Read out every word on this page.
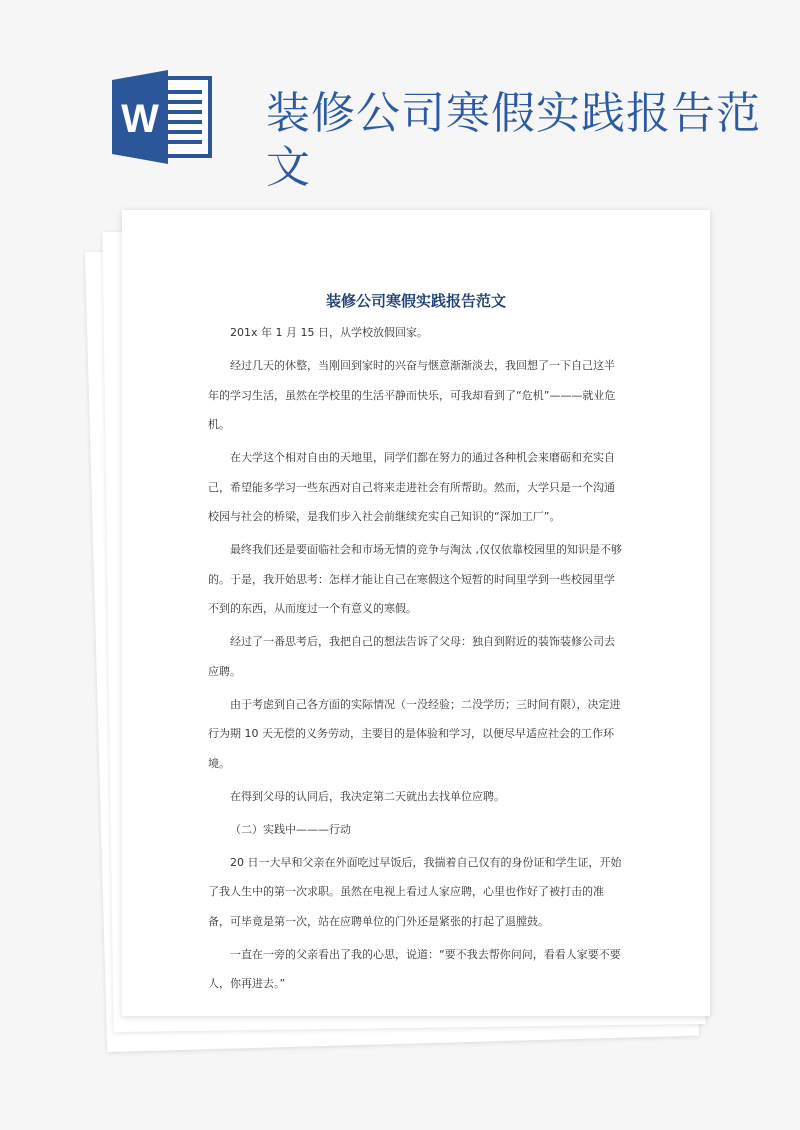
W 装修公司寒假实践报告范文
装修公司寒假实践报告范文

201x 年 1 月 15 日，从学校放假回家。

经过几天的休整，当刚回到家时的兴奋与惬意渐渐淡去，我回想了一下自己这半年的学习生活，虽然在学校里的生活平静而快乐，可我却看到了“危机”———就业危机。

在大学这个相对自由的天地里，同学们都在努力的通过各种机会来磨砺和充实自己，希望能多学习一些东西对自己将来走进社会有所帮助。然而，大学只是一个沟通校园与社会的桥梁，是我们步入社会前继续充实自己知识的“深加工厂”。

最终我们还是要面临社会和市场无情的竞争与淘汰 ,仅仅依靠校园里的知识是不够的。于是，我开始思考：怎样才能让自己在寒假这个短暂的时间里学到一些校园里学不到的东西，从而度过一个有意义的寒假。

经过了一番思考后，我把自己的想法告诉了父母：独自到附近的装饰装修公司去应聘。

由于考虑到自己各方面的实际情况（一没经验；二没学历；三时间有限），决定进行为期 10 天无偿的义务劳动，主要目的是体验和学习，以便尽早适应社会的工作环境。

在得到父母的认同后，我决定第二天就出去找单位应聘。

（二）实践中———行动

20 日一大早和父亲在外面吃过早饭后，我揣着自己仅有的身份证和学生证，开始了我人生中的第一次求职。虽然在电视上看过人家应聘，心里也作好了被打击的准备，可毕竟是第一次，站在应聘单位的门外还是紧张的打起了退膛鼓。

一直在一旁的父亲看出了我的心思，说道：“要不我去帮你问问，看看人家要不要人，你再进去。”
